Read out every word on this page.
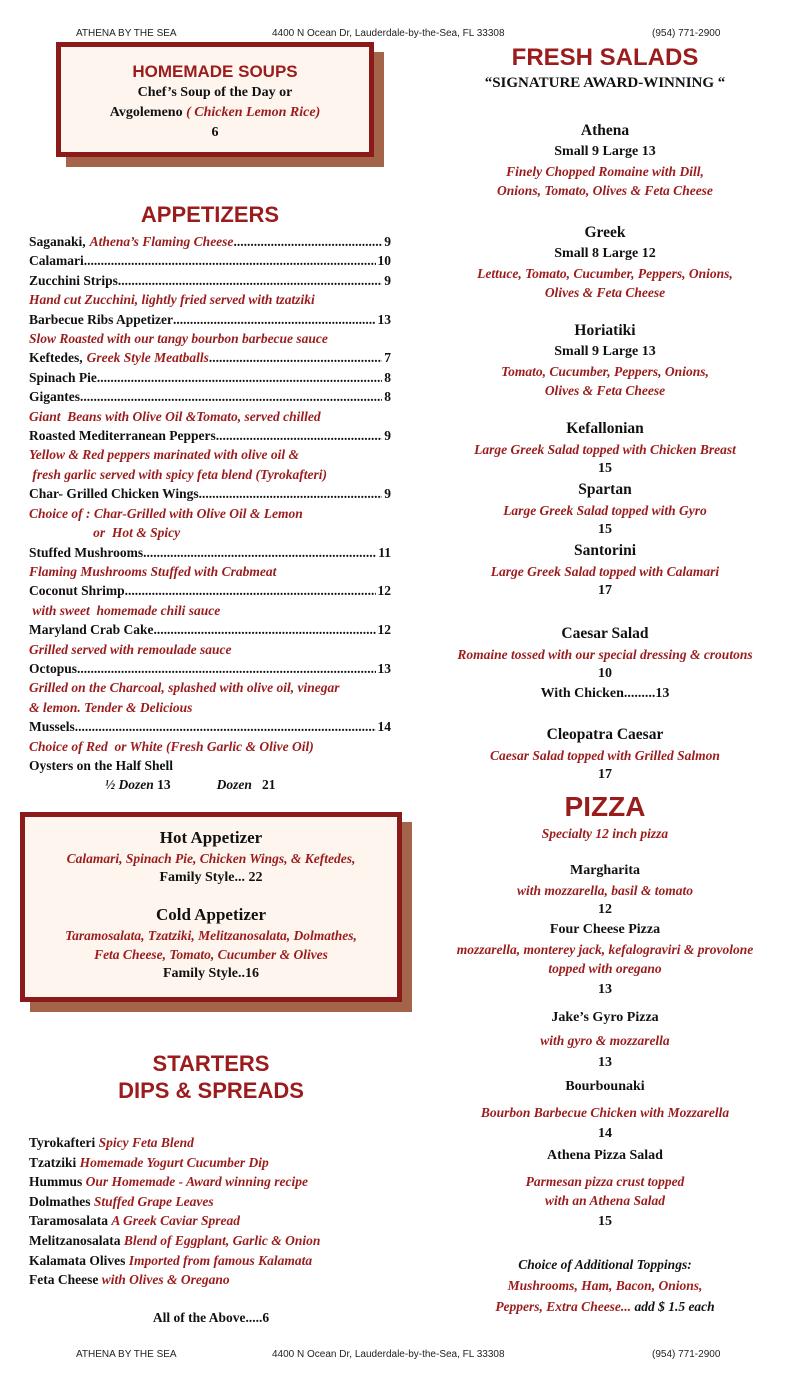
ATHENA BY THE SEA	4400 N Ocean Dr, Lauderdale-by-the-Sea, FL 33308	(954) 771-2900
HOMEMADE SOUPS
Chef’s Soup of the Day or
Avgolemeno ( Chicken Lemon Rice)
6
APPETIZERS
Saganaki, Athena’s Flaming Cheese .....	9
Calamari .....	10
Zucchini Strips .....	9
Hand cut Zucchini, lightly fried served with tzatziki
Barbecue Ribs Appetizer .....	13
Slow Roasted with our tangy bourbon barbecue sauce
Keftedes, Greek Style Meatballs .....	7
Spinach Pie .....	8
Gigantes .....	8
Giant  Beans with Olive Oil &Tomato, served chilled
Roasted Mediterranean Peppers .....	9
Yellow & Red peppers marinated with olive oil &
fresh garlic served with spicy feta blend (Tyrokafteri)
Char- Grilled Chicken Wings .....	9
Choice of : Char-Grilled with Olive Oil & Lemon
or  Hot & Spicy
Stuffed Mushrooms .....	11
Flaming Mushrooms Stuffed with Crabmeat
Coconut Shrimp .....	12
with sweet  homemade chili sauce
Maryland Crab Cake .....	12
Grilled served with remoulade sauce
Octopus .....	13
Grilled on the Charcoal, splashed with olive oil, vinegar
& lemon. Tender & Delicious
Mussels .....	14
Choice of Red  or White (Fresh Garlic & Olive Oil)
Oysters on the Half Shell
½ Dozen 13	Dozen 21
Hot Appetizer
Calamari, Spinach Pie, Chicken Wings, & Keftedes,
Family Style... 22
Cold Appetizer
Taramosalata, Tzatziki, Melitzanosalata, Dolmathes,
Feta Cheese, Tomato, Cucumber & Olives
Family Style..16
STARTERS
DIPS & SPREADS
Tyrokafteri Spicy Feta Blend
Tzatziki Homemade Yogurt Cucumber Dip
Hummus Our Homemade - Award winning recipe
Dolmathes Stuffed Grape Leaves
Taramosalata A Greek Caviar Spread
Melitzanosalata Blend of Eggplant, Garlic & Onion
Kalamata Olives Imported from famous Kalamata
Feta Cheese with Olives & Oregano
All of the Above.....6
FRESH SALADS
“SIGNATURE AWARD-WINNING “
Athena
Small 9 Large 13
Finely Chopped Romaine with Dill,
Onions, Tomato, Olives & Feta Cheese
Greek
Small 8 Large 12
Lettuce, Tomato, Cucumber, Peppers, Onions,
Olives & Feta Cheese
Horiatiki
Small 9 Large 13
Tomato, Cucumber, Peppers, Onions,
Olives & Feta Cheese
Kefallonian
Large Greek Salad topped with Chicken Breast
15
Spartan
Large Greek Salad topped with Gyro
15
Santorini
Large Greek Salad topped with Calamari
17
Caesar Salad
Romaine tossed with our special dressing & croutons
10
With Chicken.........13
Cleopatra Caesar
Caesar Salad topped with Grilled Salmon
17
PIZZA
Specialty 12 inch pizza
Margharita
with mozzarella, basil & tomato
12
Four Cheese Pizza
mozzarella, monterey jack, kefalograviri & provolone
topped with oregano
13
Jake’s Gyro Pizza
with gyro & mozzarella
13
Bourbounaki
Bourbon Barbecue Chicken with Mozzarella
14
Athena Pizza Salad
Parmesan pizza crust topped
with an Athena Salad
15
Choice of Additional Toppings:
Mushrooms, Ham, Bacon, Onions,
Peppers, Extra Cheese... add $ 1.5 each
ATHENA BY THE SEA	4400 N Ocean Dr, Lauderdale-by-the-Sea, FL 33308	(954) 771-2900
